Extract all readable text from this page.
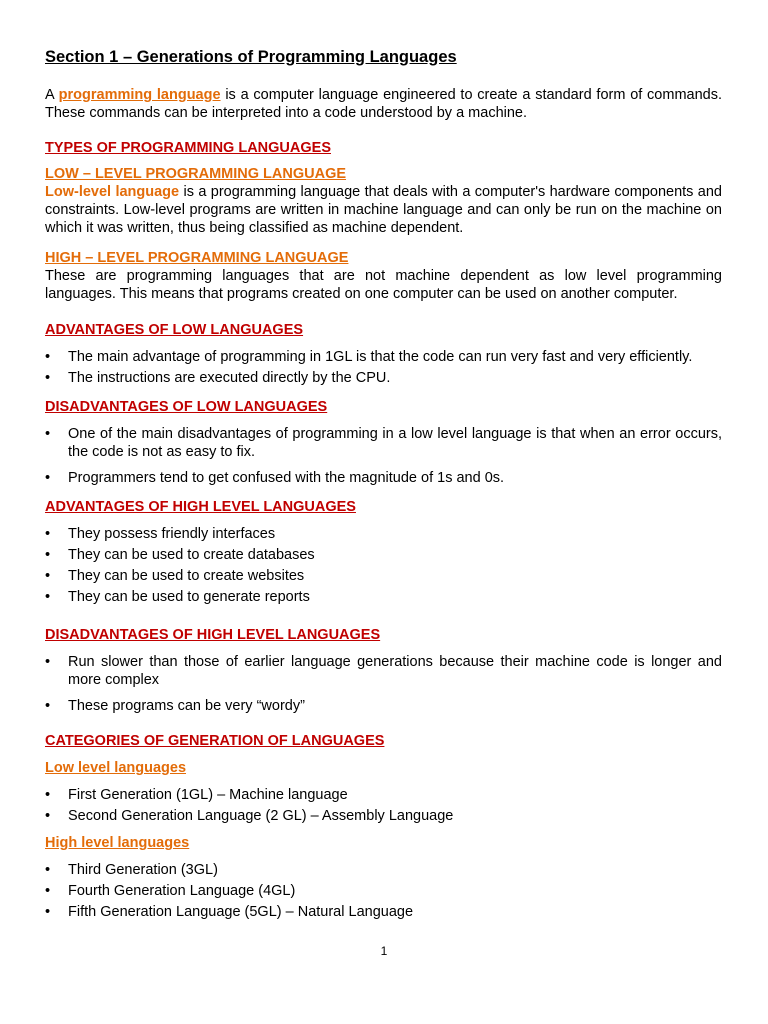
Section 1 – Generations of Programming Languages

A programming language is a computer language engineered to create a standard form of commands. These commands can be interpreted into a code understood by a machine.

TYPES OF PROGRAMMING LANGUAGES
LOW – LEVEL PROGRAMMING LANGUAGE

Low-level language is a programming language that deals with a computer's hardware components and constraints. Low-level programs are written in machine language and can only be run on the machine on which it was written, thus being classified as machine dependent.

HIGH – LEVEL PROGRAMMING LANGUAGE

These are programming languages that are not machine dependent as low level programming languages. This means that programs created on one computer can be used on another computer.

ADVANTAGES OF LOW LANGUAGES
• The main advantage of programming in 1GL is that the code can run very fast and very efficiently.
• The instructions are executed directly by the CPU.
DISADVANTAGES OF LOW LANGUAGES
• One of the main disadvantages of programming in a low level language is that when an error occurs, the code is not as easy to fix.
• Programmers tend to get confused with the magnitude of 1s and 0s.
ADVANTAGES OF HIGH LEVEL LANGUAGES
• They possess friendly interfaces
• They can be used to create databases
• They can be used to create websites
• They can be used to generate reports
DISADVANTAGES OF HIGH LEVEL LANGUAGES
• Run slower than those of earlier language generations because their machine code is longer and more complex
• These programs can be very “wordy”
CATEGORIES OF GENERATION OF LANGUAGES
Low level languages
• First Generation (1GL) – Machine language
• Second Generation Language (2 GL) – Assembly Language
High level languages
• Third Generation (3GL)
• Fourth Generation Language (4GL)
• Fifth Generation Language (5GL) – Natural Language
1
